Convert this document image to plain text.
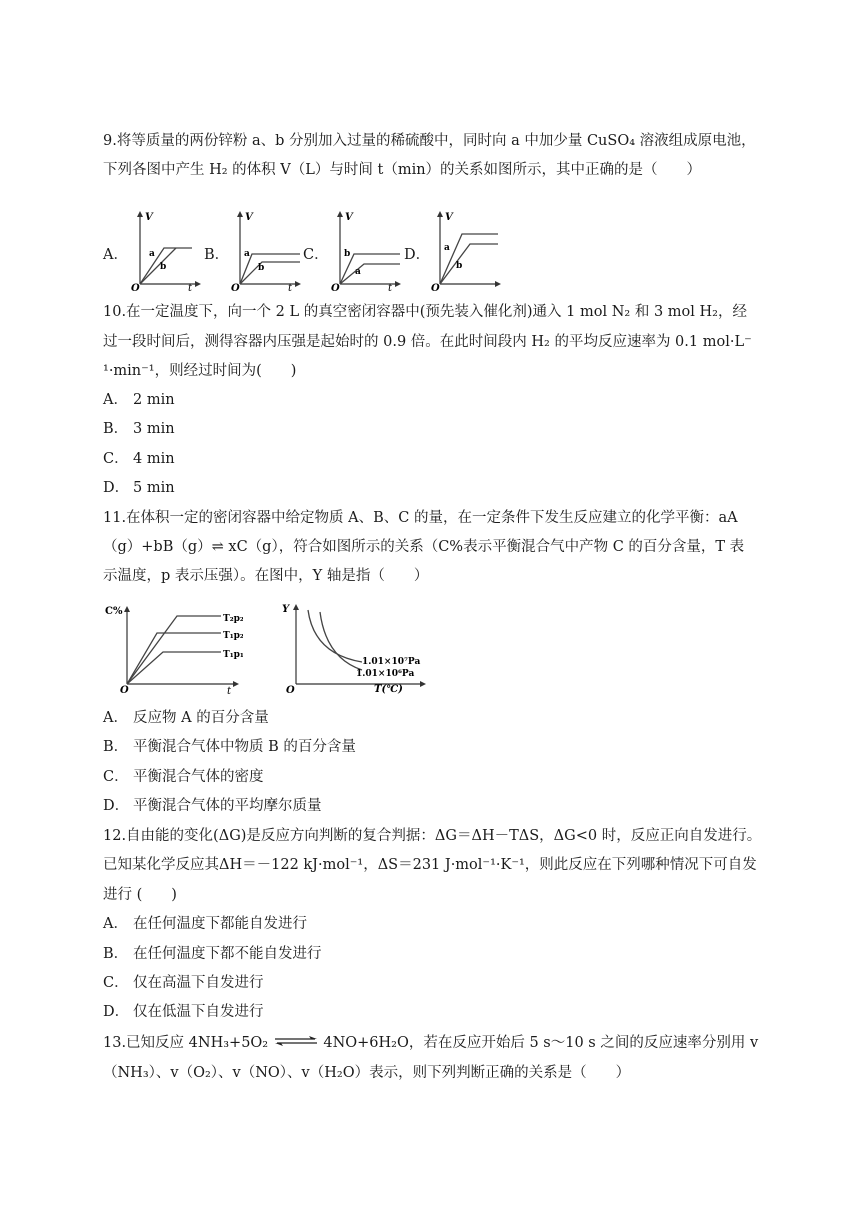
9.将等质量的两份锌粉 a、b 分别加入过量的稀硫酸中，同时向 a 中加少量 CuSO₄ 溶液组成原电池，
下列各图中产生 H₂ 的体积 V（L）与时间 t（min）的关系如图所示，其中正确的是（　　）
A．	B．	C．	D．
V
O	t
a
b
V
O	t
a
b
V
O	t
b
a
V
O
a
b
10.在一定温度下，向一个 2 L 的真空密闭容器中(预先装入催化剂)通入 1 mol N₂ 和 3 mol H₂，经
过一段时间后，测得容器内压强是起始时的 0.9 倍。在此时间段内 H₂ 的平均反应速率为 0.1 mol·L⁻
¹·min⁻¹，则经过时间为(　　)
A． 2 min
B． 3 min
C． 4 min
D． 5 min
11.在体积一定的密闭容器中给定物质 A、B、C 的量，在一定条件下发生反应建立的化学平衡：aA
（g）+bB（g）⇌ xC（g），符合如图所示的关系（C%表示平衡混合气中产物 C 的百分含量，T 表
示温度，p 表示压强）。在图中，Y 轴是指（　　）
C%
O	t
T₂p₂
T₁p₂
T₁p₁
Y
O
1.01×10⁷Pa
1.01×10⁶Pa
T(℃)
A． 反应物 A 的百分含量
B． 平衡混合气体中物质 B 的百分含量
C． 平衡混合气体的密度
D． 平衡混合气体的平均摩尔质量
12.自由能的变化(ΔG)是反应方向判断的复合判据：ΔG＝ΔH－TΔS，ΔG<0 时，反应正向自发进行。
已知某化学反应其ΔH＝－122 kJ·mol⁻¹，ΔS＝231 J·mol⁻¹·K⁻¹，则此反应在下列哪种情况下可自发
进行 (　　)
A． 在任何温度下都能自发进行
B． 在任何温度下都不能自发进行
C． 仅在高温下自发进行
D． 仅在低温下自发进行
13.已知反应 4NH₃+5O₂ ⇌ 4NO+6H₂O，若在反应开始后 5 s～10 s 之间的反应速率分别用 v
（NH₃）、v（O₂）、v（NO）、v（H₂O）表示，则下列判断正确的关系是（　　）
